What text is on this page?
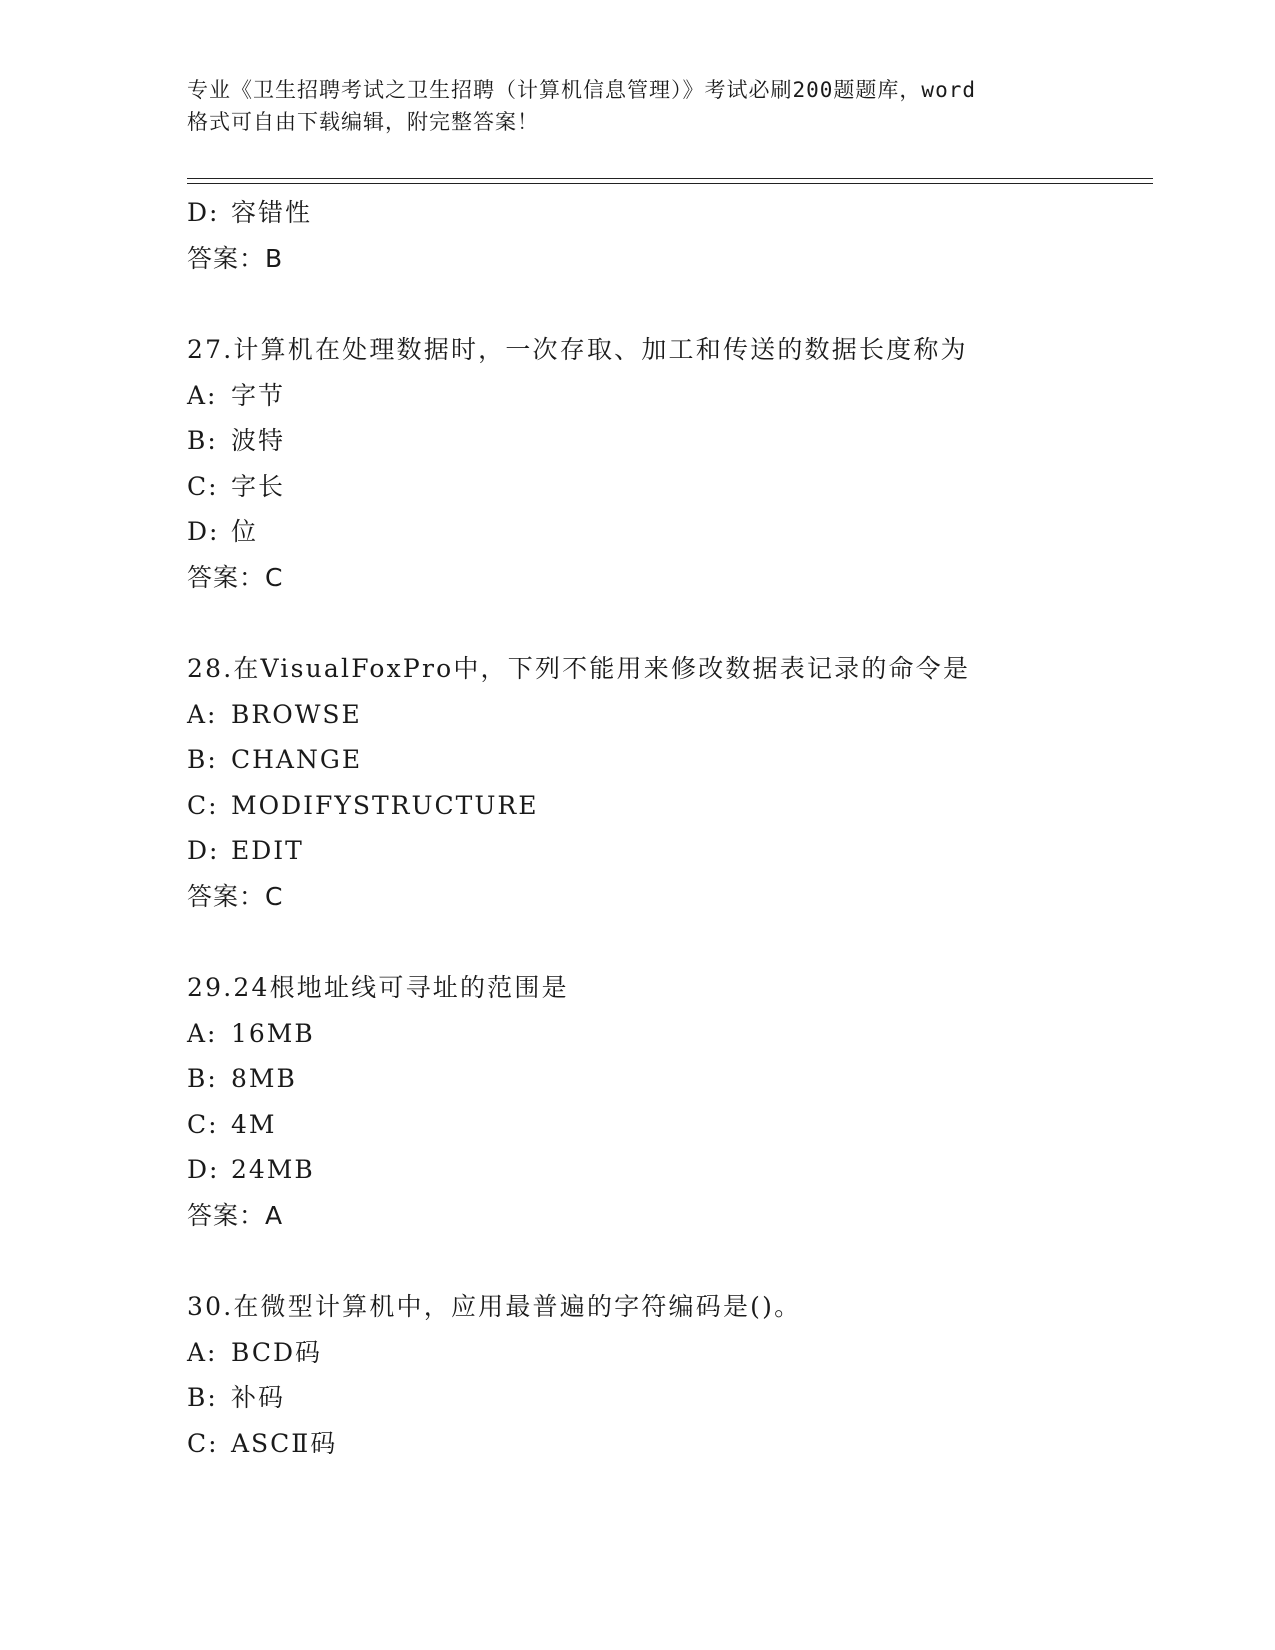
专业《卫生招聘考试之卫生招聘（计算机信息管理）》考试必刷200题题库，word
格式可自由下载编辑，附完整答案！
D: 容错性
答案：B
27.计算机在处理数据时，一次存取、加工和传送的数据长度称为
A: 字节
B: 波特
C: 字长
D: 位
答案：C
28.在VisualFoxPro中，下列不能用来修改数据表记录的命令是
A: BROWSE
B: CHANGE
C: MODIFYSTRUCTURE
D: EDIT
答案：C
29.24根地址线可寻址的范围是
A: 16MB
B: 8MB
C: 4M
D: 24MB
答案：A
30.在微型计算机中，应用最普遍的字符编码是()。
A: BCD码
B: 补码
C: ASCⅡ码
